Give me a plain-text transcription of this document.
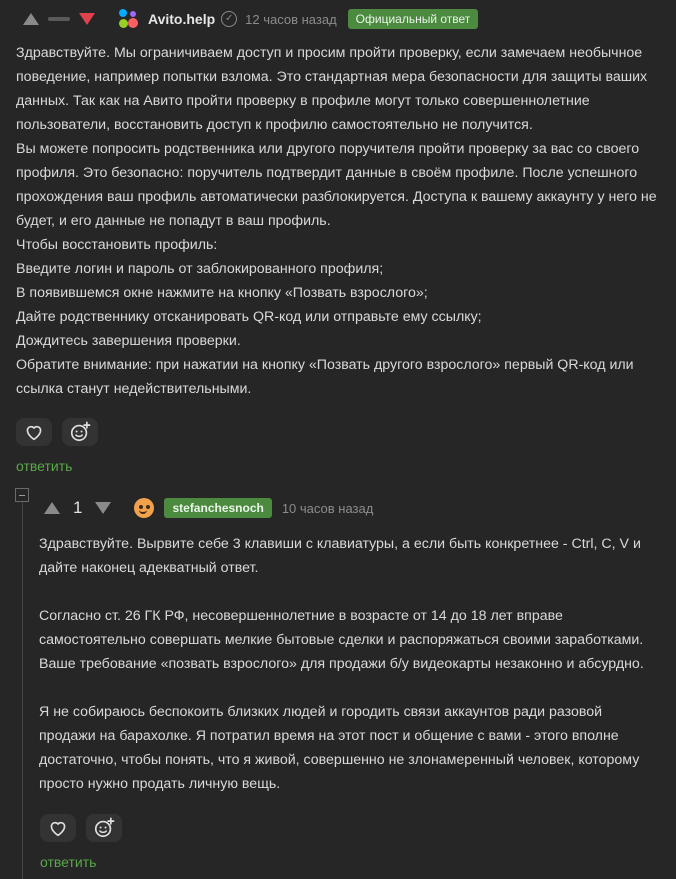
Avito.help ✓ 12 часов назад	Официальный ответ

Здравствуйте. Мы ограничиваем доступ и просим пройти проверку, если замечаем необычное поведение, например попытки взлома. Это стандартная мера безопасности для защиты ваших данных. Так как на Авито пройти проверку в профиле могут только совершеннолетние пользователи, восстановить доступ к профилю самостоятельно не получится.

Вы можете попросить родственника или другого поручителя пройти проверку за вас со своего профиля. Это безопасно: поручитель подтвердит данные в своём профиле. После успешного прохождения ваш профиль автоматически разблокируется. Доступа к вашему аккаунту у него не будет, и его данные не попадут в ваш профиль.

Чтобы восстановить профиль:

Введите логин и пароль от заблокированного профиля;

В появившемся окне нажмите на кнопку «Позвать взрослого»;

Дайте родственнику отсканировать QR-код или отправьте ему ссылку;

Дождитесь завершения проверки.

Обратите внимание: при нажатии на кнопку «Позвать другого взрослого» первый QR-код или ссылка станут недействительными.

ответить
1	stefanchesnoch	10 часов назад

Здравствуйте. Вырвите себе 3 клавиши с клавиатуры, а если быть конкретнее - Ctrl, C, V и дайте наконец адекватный ответ.

Согласно ст. 26 ГК РФ, несовершеннолетние в возрасте от 14 до 18 лет вправе самостоятельно совершать мелкие бытовые сделки и распоряжаться своими заработками. Ваше требование «позвать взрослого» для продажи б/у видеокарты незаконно и абсурдно.

Я не собираюсь беспокоить близких людей и городить связи аккаунтов ради разовой продажи на барахолке. Я потратил время на этот пост и общение с вами - этого вполне достаточно, чтобы понять, что я живой, совершенно не злонамеренный человек, которому просто нужно продать личную вещь.

ответить
